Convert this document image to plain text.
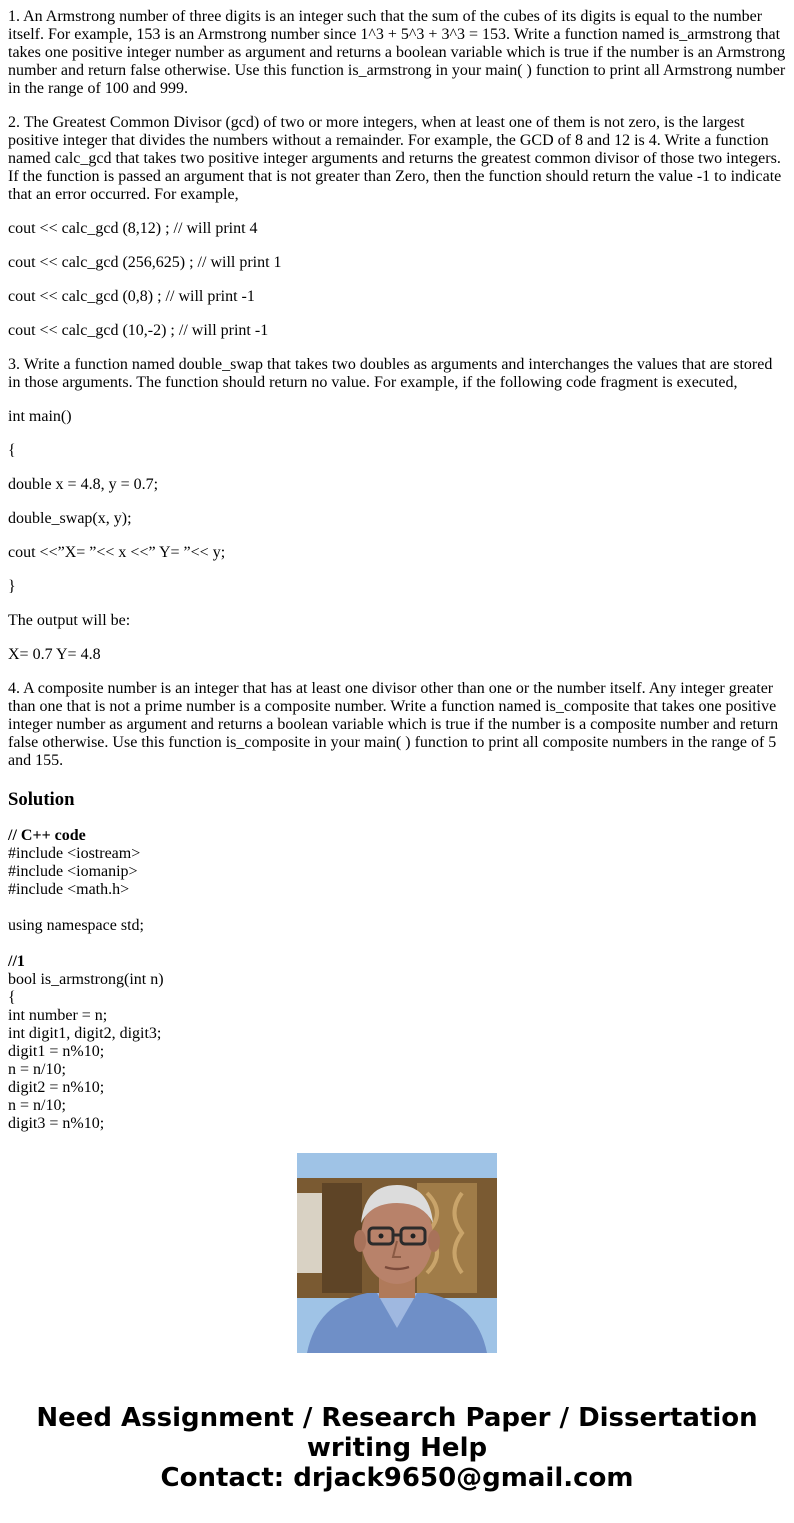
1. An Armstrong number of three digits is an integer such that the sum of the cubes of its digits is equal to the number itself. For example, 153 is an Armstrong number since 1^3 + 5^3 + 3^3 = 153. Write a function named is_armstrong that takes one positive integer number as argument and returns a boolean variable which is true if the number is an Armstrong number and return false otherwise. Use this function is_armstrong in your main( ) function to print all Armstrong number in the range of 100 and 999.
2. The Greatest Common Divisor (gcd) of two or more integers, when at least one of them is not zero, is the largest positive integer that divides the numbers without a remainder. For example, the GCD of 8 and 12 is 4. Write a function named calc_gcd that takes two positive integer arguments and returns the greatest common divisor of those two integers. If the function is passed an argument that is not greater than Zero, then the function should return the value -1 to indicate that an error occurred. For example,
cout << calc_gcd (8,12) ; // will print 4
cout << calc_gcd (256,625) ; // will print 1
cout << calc_gcd (0,8) ; // will print -1
cout << calc_gcd (10,-2) ; // will print -1
3. Write a function named double_swap that takes two doubles as arguments and interchanges the values that are stored in those arguments. The function should return no value. For example, if the following code fragment is executed,
int main()
{
double x = 4.8, y = 0.7;
double_swap(x, y);
cout <<”X= ”<< x <<” Y= ”<< y;
}
The output will be:
X= 0.7 Y= 4.8
4. A composite number is an integer that has at least one divisor other than one or the number itself. Any integer greater than one that is not a prime number is a composite number. Write a function named is_composite that takes one positive integer number as argument and returns a boolean variable which is true if the number is a composite number and return false otherwise. Use this function is_composite in your main( ) function to print all composite numbers in the range of 5 and 155.
Solution
// C++ code
#include <iostream>
#include <iomanip>
#include <math.h>
using namespace std;
//1
bool is_armstrong(int n)
{
int number = n;
int digit1, digit2, digit3;
digit1 = n%10;
n = n/10;
digit2 = n%10;
n = n/10;
digit3 = n%10;
Need Assignment / Research Paper / Dissertation
writing Help
Contact: drjack9650@gmail.com
